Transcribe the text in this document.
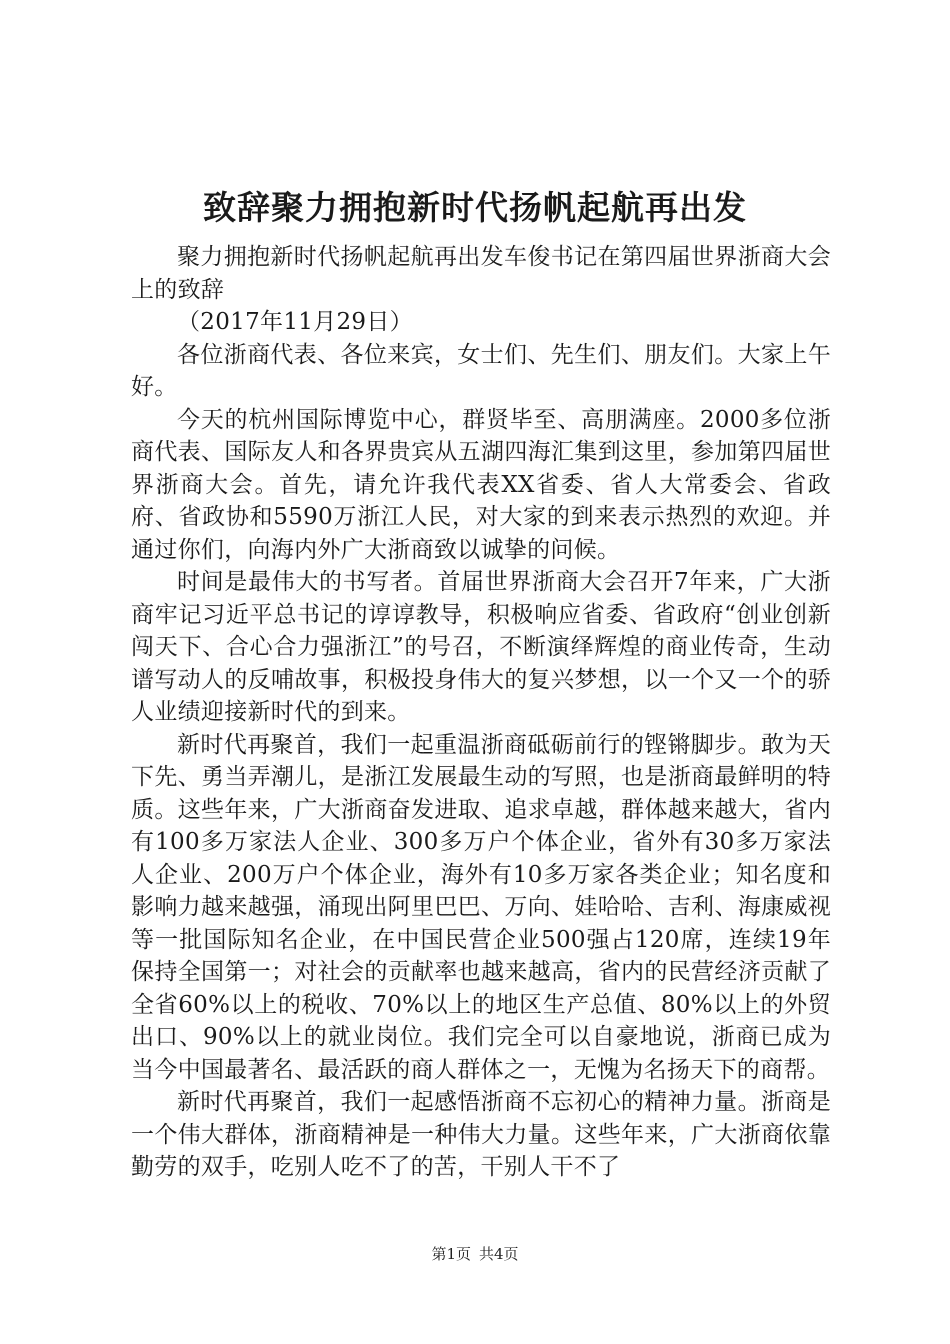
致辞聚力拥抱新时代扬帆起航再出发

聚力拥抱新时代扬帆起航再出发车俊书记在第四届世界浙商大会上的致辞

（2017年11月29日）

各位浙商代表、各位来宾，女士们、先生们、朋友们。大家上午好。

今天的杭州国际博览中心，群贤毕至、高朋满座。2000多位浙商代表、国际友人和各界贵宾从五湖四海汇集到这里，参加第四届世界浙商大会。首先，请允许我代表XX省委、省人大常委会、省政府、省政协和5590万浙江人民，对大家的到来表示热烈的欢迎。并通过你们，向海内外广大浙商致以诚挚的问候。

时间是最伟大的书写者。首届世界浙商大会召开7年来，广大浙商牢记习近平总书记的谆谆教导，积极响应省委、省政府“创业创新闯天下、合心合力强浙江”的号召，不断演绎辉煌的商业传奇，生动谱写动人的反哺故事，积极投身伟大的复兴梦想，以一个又一个的骄人业绩迎接新时代的到来。

新时代再聚首，我们一起重温浙商砥砺前行的铿锵脚步。敢为天下先、勇当弄潮儿，是浙江发展最生动的写照，也是浙商最鲜明的特质。这些年来，广大浙商奋发进取、追求卓越，群体越来越大，省内有100多万家法人企业、300多万户个体企业，省外有30多万家法人企业、200万户个体企业，海外有10多万家各类企业；知名度和影响力越来越强，涌现出阿里巴巴、万向、娃哈哈、吉利、海康威视等一批国际知名企业，在中国民营企业500强占120席，连续19年保持全国第一；对社会的贡献率也越来越高，省内的民营经济贡献了全省60%以上的税收、70%以上的地区生产总值、80%以上的外贸出口、90%以上的就业岗位。我们完全可以自豪地说，浙商已成为当今中国最著名、最活跃的商人群体之一，无愧为名扬天下的商帮。

新时代再聚首，我们一起感悟浙商不忘初心的精神力量。浙商是一个伟大群体，浙商精神是一种伟大力量。这些年来，广大浙商依靠勤劳的双手，吃别人吃不了的苦，干别人干不了

第1页 共4页
